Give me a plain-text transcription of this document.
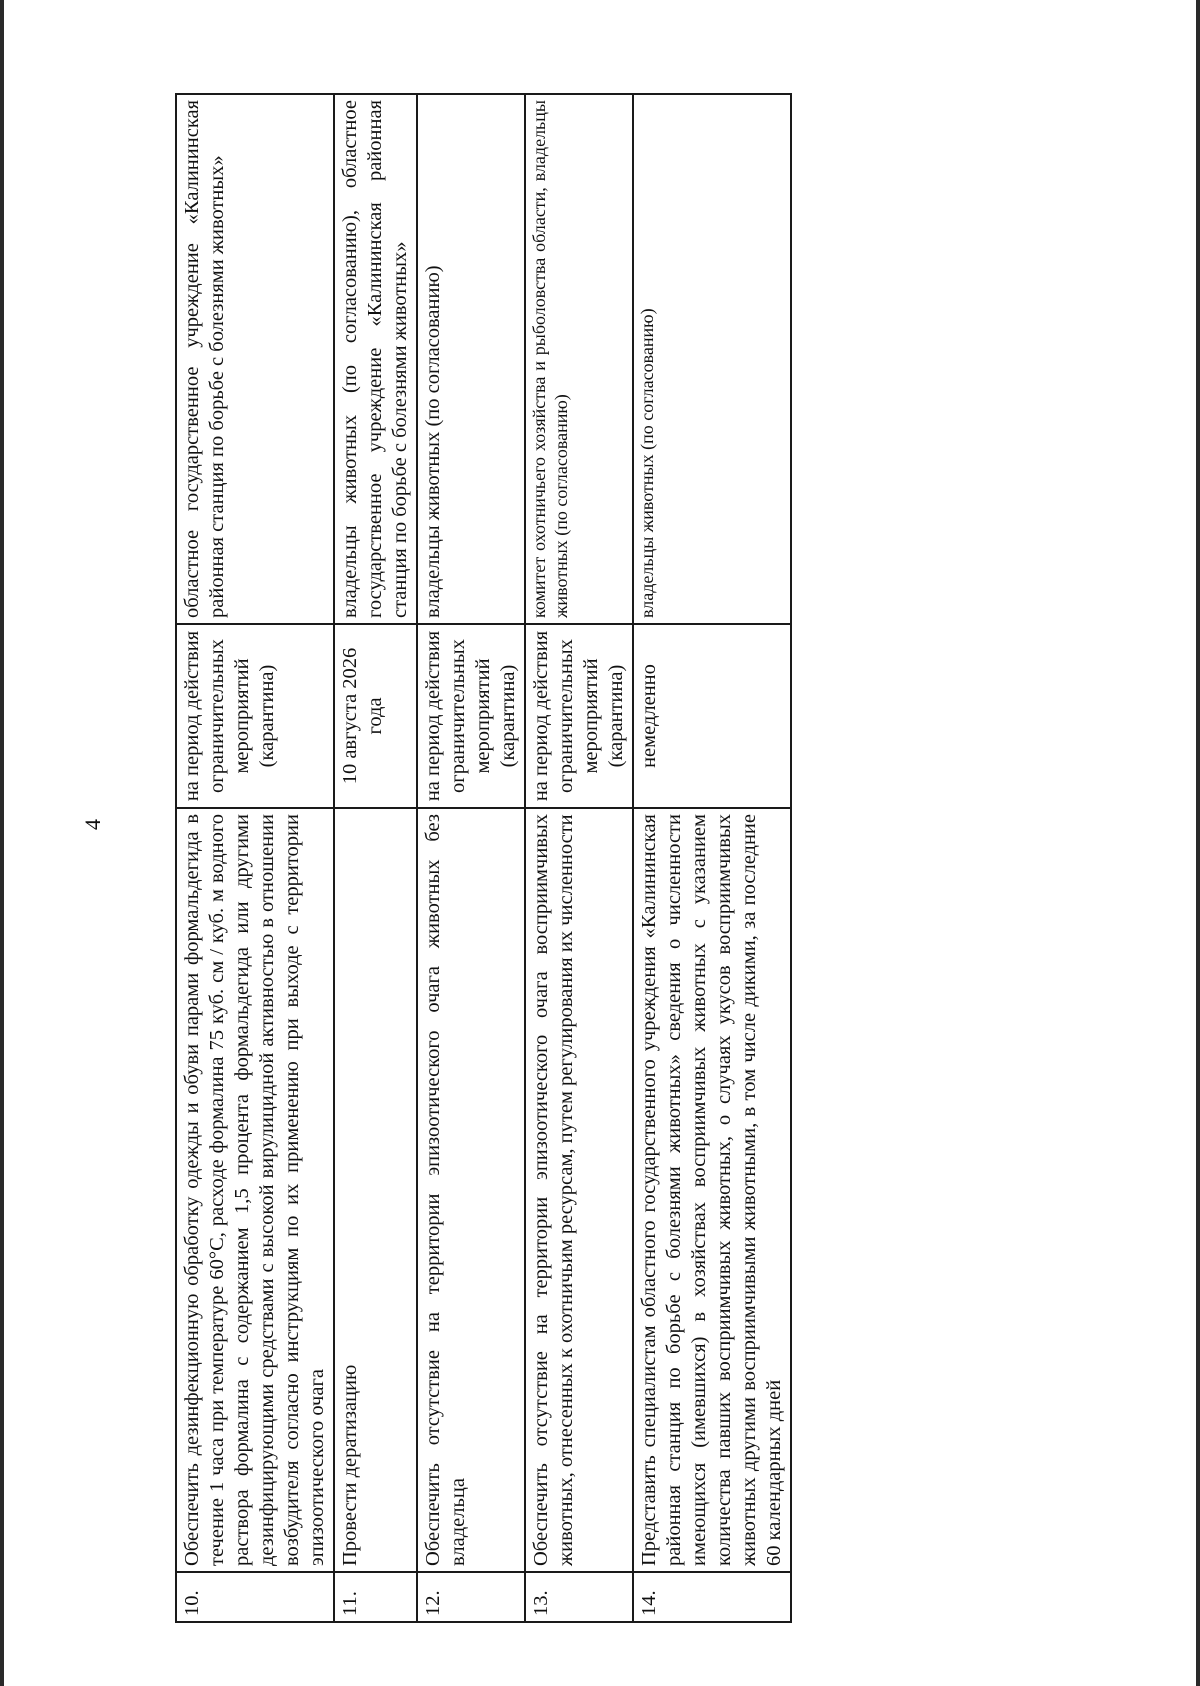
4
10.	Обеспечить дезинфекционную обработку одежды и обуви парами формальдегида в течение 1 часа при температуре 60°С, расходе формалина 75 куб. см / куб. м водного раствора формалина с содержанием 1,5 процента формальдегида или другими дезинфицирующими средствами с высокой вирулицидной активностью в отношении возбудителя согласно инструкциям по их применению при выходе с территории эпизоотического очага	на период действия ограничительных мероприятий (карантина)	областное государственное учреждение «Калининская районная станция по борьбе с болезнями животных»
11.	Провести дератизацию	10 августа 2026 года	владельцы животных (по согласованию), областное государственное учреждение «Калининская районная станция по борьбе с болезнями животных»
12.	Обеспечить отсутствие на территории эпизоотического очага животных без владельца	на период действия ограничительных мероприятий (карантина)	владельцы животных (по согласованию)
13.	Обеспечить отсутствие на территории эпизоотического очага восприимчивых животных, отнесенных к охотничьим ресурсам, путем регулирования их численности	на период действия ограничительных мероприятий (карантина)	комитет охотничьего хозяйства и рыболовства области, владельцы животных (по согласованию)
14.	Представить специалистам областного государственного учреждения «Калининская районная станция по борьбе с болезнями животных» сведения о численности имеющихся (имевшихся) в хозяйствах восприимчивых животных с указанием количества павших восприимчивых животных, о случаях укусов восприимчивых животных другими восприимчивыми животными, в том числе дикими, за последние 60 календарных дней	немедленно	владельцы животных (по согласованию)
